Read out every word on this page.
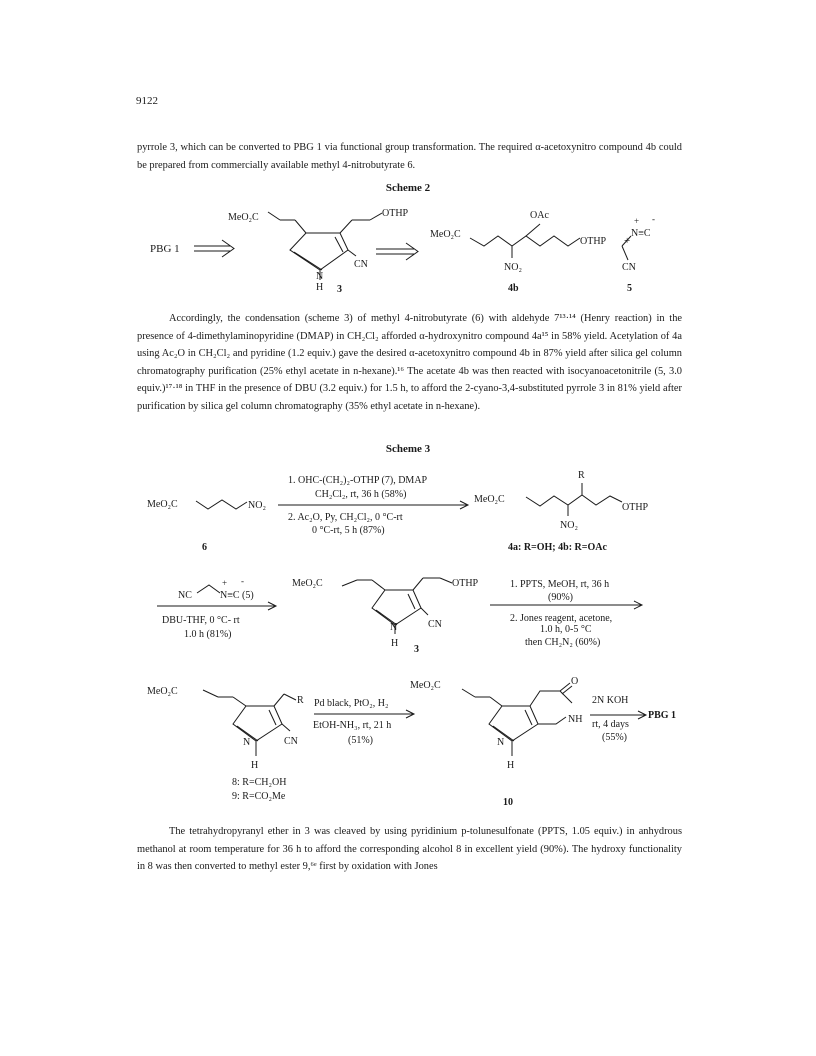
9122

pyrrole 3, which can be converted to PBG 1 via functional group transformation. The required α-acetoxynitro compound 4b could be prepared from commercially available methyl 4-nitrobutyrate 6.

Scheme 2
PBG 1
MeO₂C	OTHP
CN
N
H 3
MeO₂C
OAc
OTHP
NO₂
4b
+
+ -
N≡C
CN
5

Accordingly, the condensation (scheme 3) of methyl 4-nitrobutyrate (6) with aldehyde 7¹³·¹⁴ (Henry reaction) in the presence of 4-dimethylaminopyridine (DMAP) in CH₂Cl₂ afforded α-hydroxynitro compound 4a¹⁵ in 58% yield. Acetylation of 4a using Ac₂O in CH₂Cl₂ and pyridine (1.2 equiv.) gave the desired α-acetoxynitro compound 4b in 87% yield after silica gel column chromatography purification (25% ethyl acetate in n-hexane).¹⁶ The acetate 4b was then reacted with isocyanoacetonitrile (5, 3.0 equiv.)¹⁷·¹⁸ in THF in the presence of DBU (3.2 equiv.) for 1.5 h, to afford the 2-cyano-3,4-substituted pyrrole 3 in 81% yield after purification by silica gel column chromatography (35% ethyl acetate in n-hexane).

Scheme 3
MeO₂C	NO₂
6
1. OHC-(CH₂)₂-OTHP (7), DMAP
CH₂Cl₂, rt, 36 h (58%)
2. Ac₂O, Py, CH₂Cl₂, 0 °C-rt
0 °C-rt, 5 h (87%)
MeO₂C
R
OTHP
NO₂
4a: R=OH; 4b: R=OAc
NC
+ -
N≡C (5)
DBU-THF, 0 °C- rt
1.0 h (81%)
MeO₂C	OTHP
CN
N
H
3
1. PPTS, MeOH, rt, 36 h
(90%)
2. Jones reagent, acetone,
1.0 h, 0-5 °C
then CH₂N₂ (60%)
MeO₂C
R
CN
N
H
8: R=CH₂OH
9: R=CO₂Me
Pd black, PtO₂, H₂
EtOH-NH₃, rt, 21 h
(51%)
MeO₂C	O
NH
N
H
10
2N KOH
PBG 1
rt, 4 days
(55%)

The tetrahydropyranyl ether in 3 was cleaved by using pyridinium p-tolunesulfonate (PPTS, 1.05 equiv.) in anhydrous methanol at room temperature for 36 h to afford the corresponding alcohol 8 in excellent yield (90%). The hydroxy functionality in 8 was then converted to methyl ester 9,⁶ᵉ first by oxidation with Jones
